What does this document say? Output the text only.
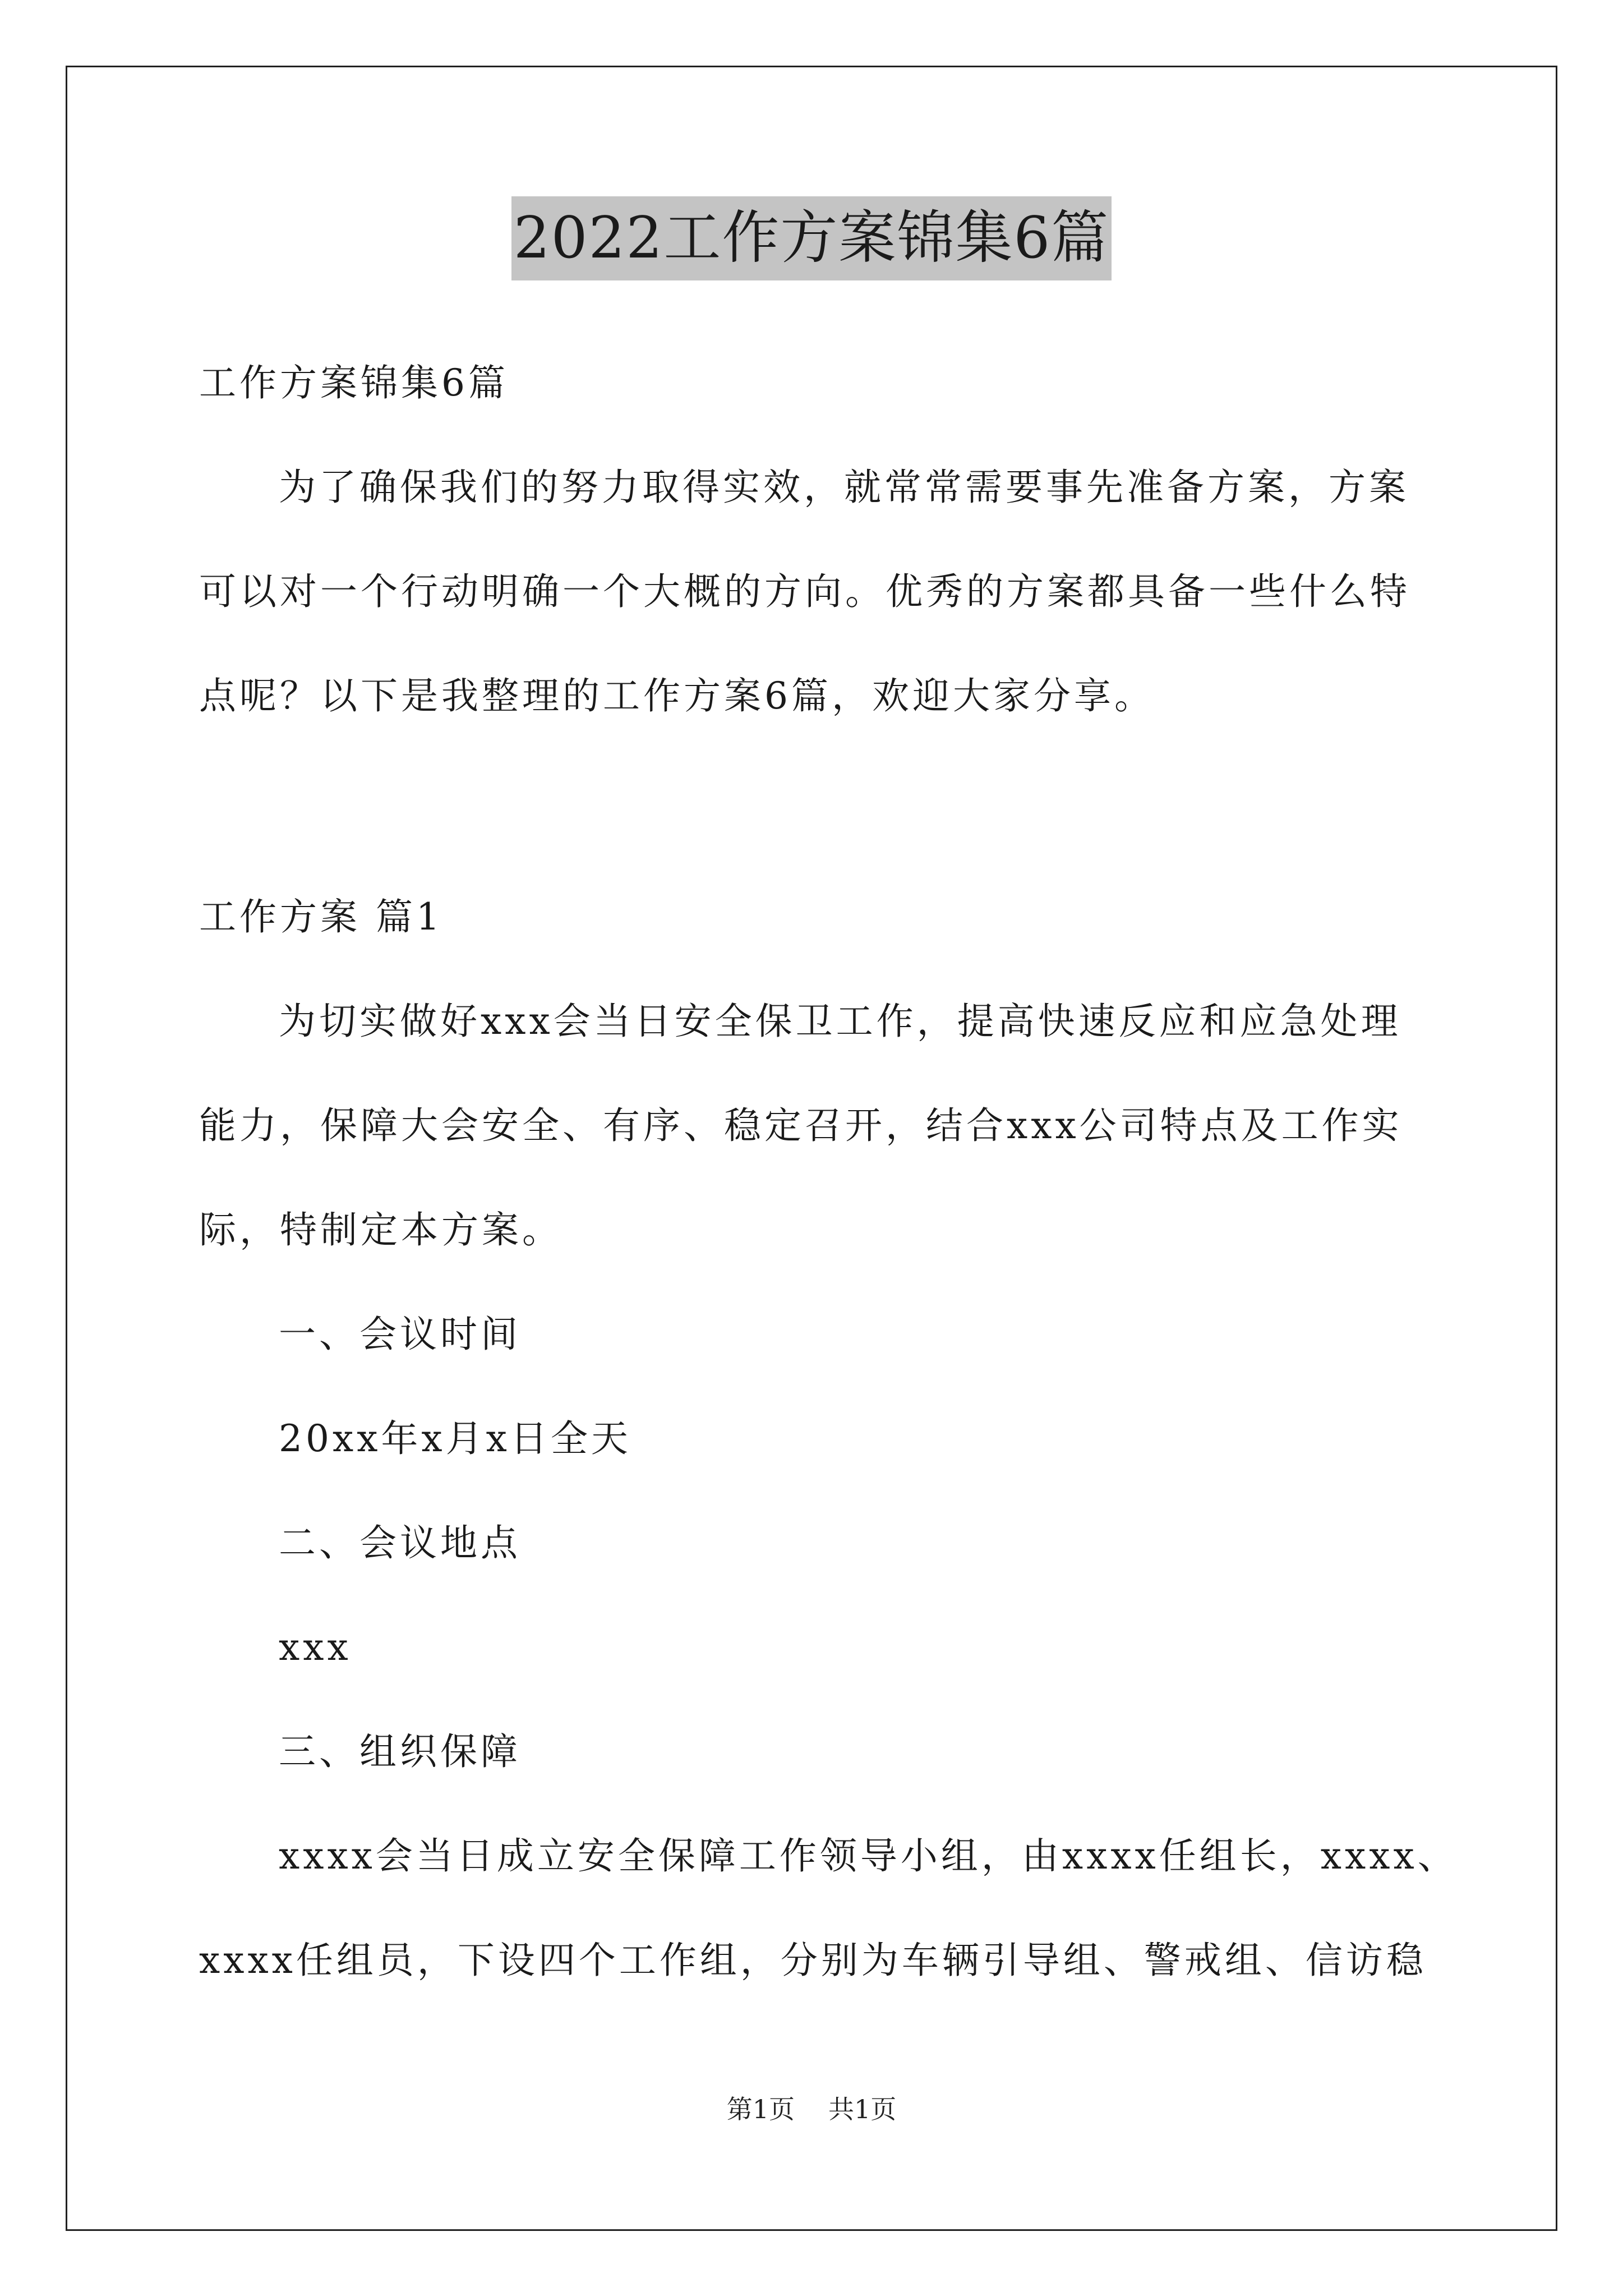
2022工作方案锦集6篇

工作方案锦集6篇

为了确保我们的努力取得实效，就常常需要事先准备方案，方案

可以对一个行动明确一个大概的方向。优秀的方案都具备一些什么特

点呢？以下是我整理的工作方案6篇，欢迎大家分享。

工作方案 篇1

为切实做好xxx会当日安全保卫工作，提高快速反应和应急处理

能力，保障大会安全、有序、稳定召开，结合xxx公司特点及工作实

际，特制定本方案。

一、会议时间

20xx年x月x日全天

二、会议地点

xxx

三、组织保障

xxxx会当日成立安全保障工作领导小组，由xxxx任组长，xxxx、

xxxx任组员，下设四个工作组，分别为车辆引导组、警戒组、信访稳

第1页 共1页
